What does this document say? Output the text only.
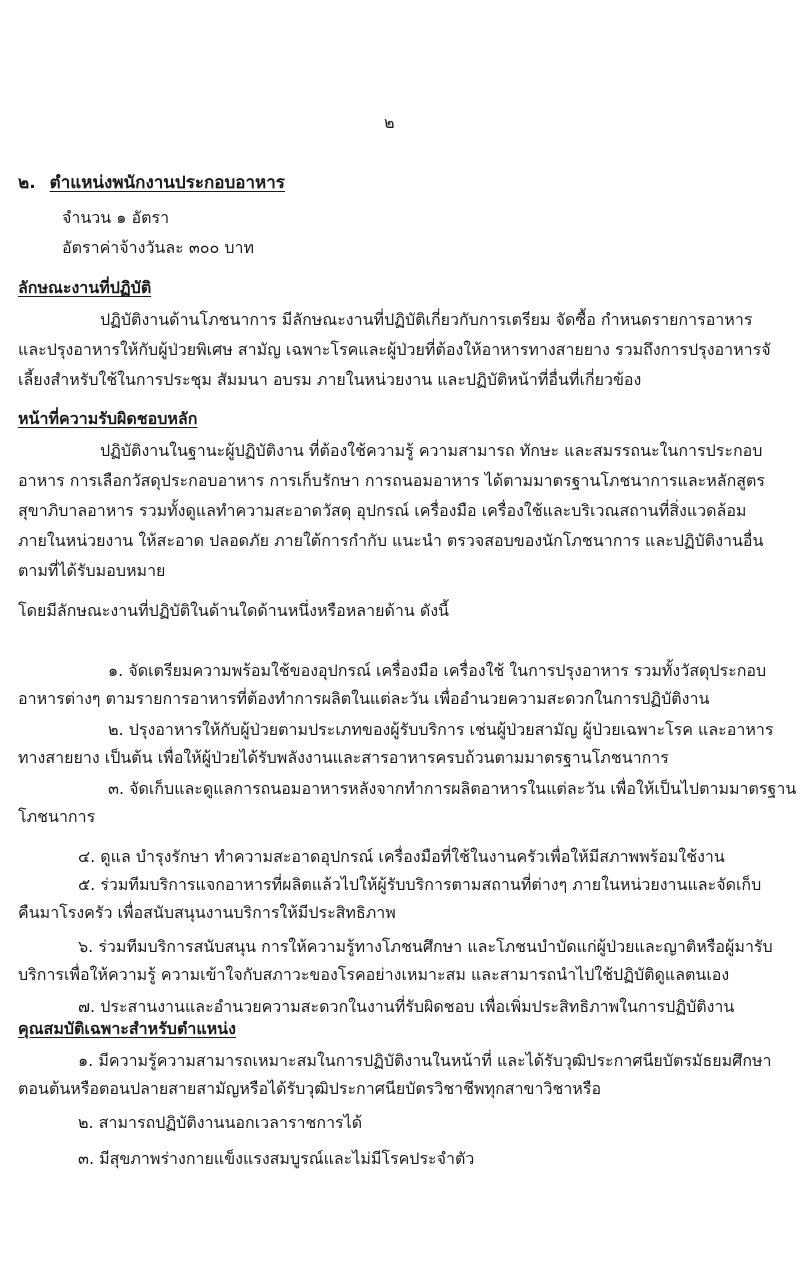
๒
๒. ตำแหน่งพนักงานประกอบอาหาร
จำนวน ๑ อัตรา
อัตราค่าจ้างวันละ ๓๐๐ บาท
ลักษณะงานที่ปฏิบัติ
ปฏิบัติงานด้านโภชนาการ มีลักษณะงานที่ปฏิบัติเกี่ยวกับการเตรียม จัดซื้อ กำหนดรายการอาหาร
และปรุงอาหารให้กับผู้ป่วยพิเศษ สามัญ เฉพาะโรคและผู้ป่วยที่ต้องให้อาหารทางสายยาง รวมถึงการปรุงอาหารจั
เลี้ยงสำหรับใช้ในการประชุม สัมมนา อบรม ภายในหน่วยงาน และปฏิบัติหน้าที่อื่นที่เกี่ยวข้อง
หน้าที่ความรับผิดชอบหลัก
ปฏิบัติงานในฐานะผู้ปฏิบัติงาน ที่ต้องใช้ความรู้ ความสามารถ ทักษะ และสมรรถนะในการประกอบ
อาหาร การเลือกวัสดุประกอบอาหาร การเก็บรักษา การถนอมอาหาร ได้ตามมาตรฐานโภชนาการและหลักสูตร
สุขาภิบาลอาหาร รวมทั้งดูแลทำความสะอาดวัสดุ อุปกรณ์ เครื่องมือ เครื่องใช้และบริเวณสถานที่สิ่งแวดล้อม
ภายในหน่วยงาน ให้สะอาด ปลอดภัย ภายใต้การกำกับ แนะนำ ตรวจสอบของนักโภชนาการ และปฏิบัติงานอื่น
ตามที่ได้รับมอบหมาย
โดยมีลักษณะงานที่ปฏิบัติในด้านใดด้านหนึ่งหรือหลายด้าน ดังนี้
๑. จัดเตรียมความพร้อมใช้ของอุปกรณ์ เครื่องมือ เครื่องใช้ ในการปรุงอาหาร รวมทั้งวัสดุประกอบ
อาหารต่างๆ ตามรายการอาหารที่ต้องทำการผลิตในแต่ละวัน เพื่ออำนวยความสะดวกในการปฏิบัติงาน
๒. ปรุงอาหารให้กับผู้ป่วยตามประเภทของผู้รับบริการ เช่นผู้ป่วยสามัญ ผู้ป่วยเฉพาะโรค และอาหาร
ทางสายยาง เป็นต้น เพื่อให้ผู้ป่วยได้รับพลังงานและสารอาหารครบถ้วนตามมาตรฐานโภชนาการ
๓. จัดเก็บและดูแลการถนอมอาหารหลังจากทำการผลิตอาหารในแต่ละวัน เพื่อให้เป็นไปตามมาตรฐาน
โภชนาการ
๔. ดูแล บำรุงรักษา ทำความสะอาดอุปกรณ์ เครื่องมือที่ใช้ในงานครัวเพื่อให้มีสภาพพร้อมใช้งาน
๕. ร่วมทีมบริการแจกอาหารที่ผลิตแล้วไปให้ผู้รับบริการตามสถานที่ต่างๆ ภายในหน่วยงานและจัดเก็บ
คืนมาโรงครัว เพื่อสนับสนุนงานบริการให้มีประสิทธิภาพ
๖. ร่วมทีมบริการสนับสนุน การให้ความรู้ทางโภชนศึกษา และโภชนบำบัดแก่ผู้ป่วยและญาติหรือผู้มารับ
บริการเพื่อให้ความรู้ ความเข้าใจกับสภาวะของโรคอย่างเหมาะสม และสามารถนำไปใช้ปฏิบัติดูแลตนเอง
๗. ประสานงานและอำนวยความสะดวกในงานที่รับผิดชอบ เพื่อเพิ่มประสิทธิภาพในการปฏิบัติงาน
คุณสมบัติเฉพาะสำหรับตำแหน่ง
๑. มีความรู้ความสามารถเหมาะสมในการปฏิบัติงานในหน้าที่ และได้รับวุฒิประกาศนียบัตรมัธยมศึกษา
ตอนต้นหรือตอนปลายสายสามัญหรือได้รับวุฒิประกาศนียบัตรวิชาชีพทุกสาขาวิชาหรือ
๒. สามารถปฏิบัติงานนอกเวลาราชการได้
๓. มีสุขภาพร่างกายแข็งแรงสมบูรณ์และไม่มีโรคประจำตัว
